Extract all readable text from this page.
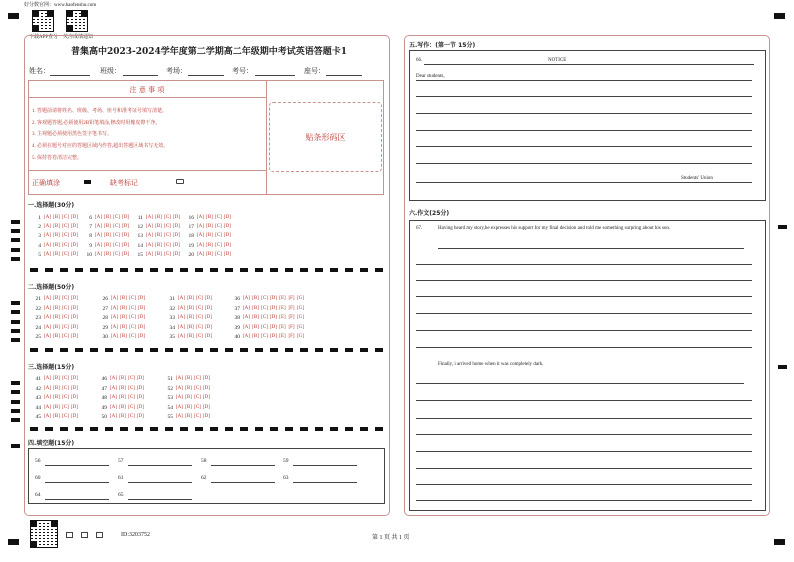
好分数官网：www.haofenshu.com
下载APP查分 关注成绩通知
普集高中2023-2024学年度第二学期高二年级期中考试英语答题卡1
姓名：	班级：	考场：	考号：	座号：
注 意 事 项
1. 答题前请将姓名、班级、考场、座号和准考证号填写清楚。
2. 客观题答题,必须使用2B铅笔填涂,修改时用橡皮擦干净。
3. 主观题必须使用黑色签字笔书写。
4. 必须在题号对应的答题区域内作答,超出答题区域书写无效。
5. 保持答卷清洁完整。
正确填涂	缺考标记
贴条形码区
一.选择题(30分)
1 [A] [B] [C] [D]
2 [A] [B] [C] [D]
3 [A] [B] [C] [D]
4 [A] [B] [C] [D]
5 [A] [B] [C] [D]
6 [A] [B] [C] [D]
7 [A] [B] [C] [D]
8 [A] [B] [C] [D]
9 [A] [B] [C] [D]
10 [A] [B] [C] [D]
11 [A] [B] [C] [D]
12 [A] [B] [C] [D]
13 [A] [B] [C] [D]
14 [A] [B] [C] [D]
15 [A] [B] [C] [D]
16 [A] [B] [C] [D]
17 [A] [B] [C] [D]
18 [A] [B] [C] [D]
19 [A] [B] [C] [D]
20 [A] [B] [C] [D]
二.选择题(50分)
21 [A] [B] [C] [D]
22 [A] [B] [C] [D]
23 [A] [B] [C] [D]
24 [A] [B] [C] [D]
25 [A] [B] [C] [D]
26 [A] [B] [C] [D]
27 [A] [B] [C] [D]
28 [A] [B] [C] [D]
29 [A] [B] [C] [D]
30 [A] [B] [C] [D]
31 [A] [B] [C] [D]
32 [A] [B] [C] [D]
33 [A] [B] [C] [D]
34 [A] [B] [C] [D]
35 [A] [B] [C] [D]
36 [A] [B] [C] [D] [E] [F] [G]
37 [A] [B] [C] [D] [E] [F] [G]
38 [A] [B] [C] [D] [E] [F] [G]
39 [A] [B] [C] [D] [E] [F] [G]
40 [A] [B] [C] [D] [E] [F] [G]
三.选择题(15分)
41 [A] [B] [C] [D]
42 [A] [B] [C] [D]
43 [A] [B] [C] [D]
44 [A] [B] [C] [D]
45 [A] [B] [C] [D]
46 [A] [B] [C] [D]
47 [A] [B] [C] [D]
48 [A] [B] [C] [D]
49 [A] [B] [C] [D]
50 [A] [B] [C] [D]
51 [A] [B] [C] [D]
52 [A] [B] [C] [D]
53 [A] [B] [C] [D]
54 [A] [B] [C] [D]
55 [A] [B] [C] [D]
四.填空题(15分)
56	57	58	59
60	61	62	63
64	65
五.写作：(第一节 15分)
66.	NOTICE
Dear students,
Students' Union
六.作文(25分)
67.	Having heard my story,he expresses his support for my final decision and told me something surpring about his son.
Finally, i arrived home when it was completely dark.
ID:3203752	第 1 页 共 1 页
